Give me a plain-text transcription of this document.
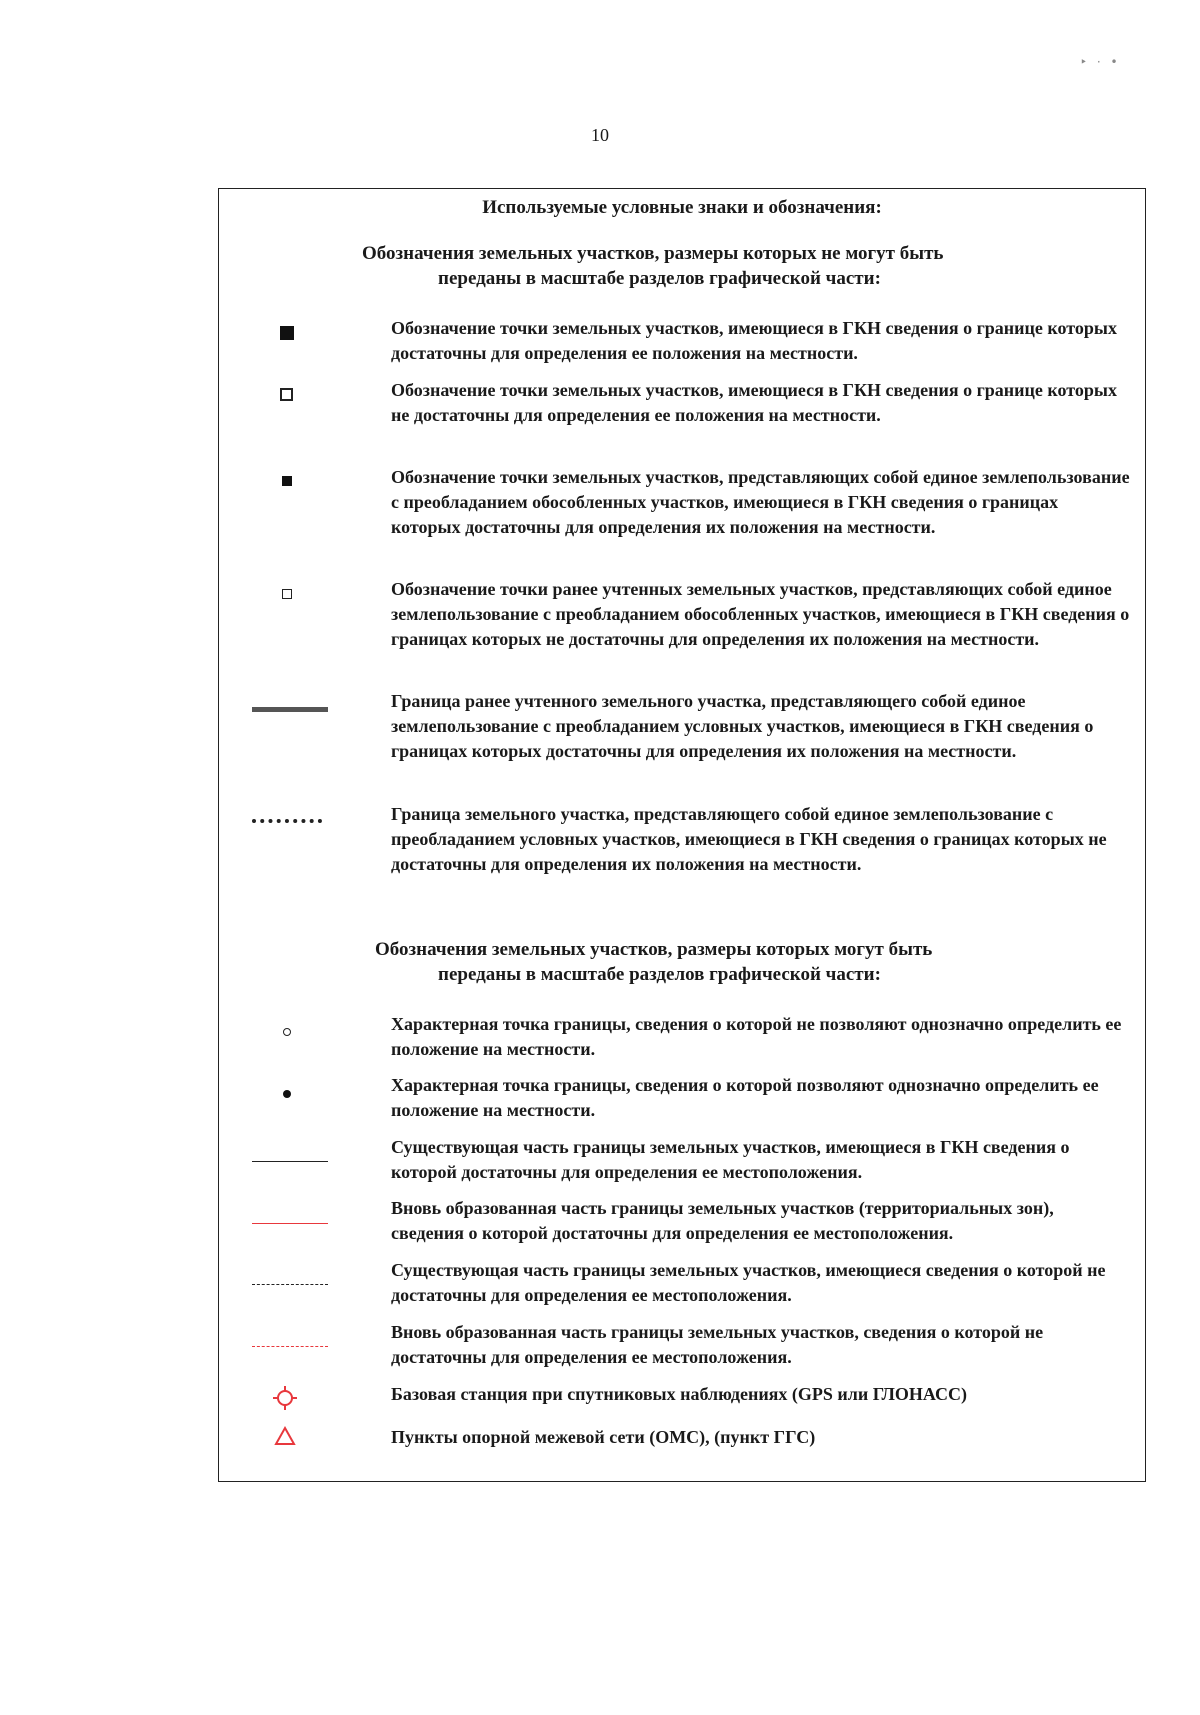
10
‣ · •
Используемые условные знаки и обозначения:
Обозначения земельных участков, размеры которых не могут быть
переданы в масштабе разделов графической части:
Обозначение точки земельных участков, имеющиеся в ГКН сведения о границе которых достаточны для определения ее положения на местности.
Обозначение точки земельных участков, имеющиеся в ГКН сведения о границе которых не достаточны для определения ее положения на местности.
Обозначение точки земельных участков, представляющих собой единое землепользование с преобладанием обособленных участков, имеющиеся в ГКН сведения о границах которых достаточны для определения их положения на местности.
Обозначение точки ранее учтенных земельных участков, представляющих собой единое землепользование с преобладанием обособленных участков, имеющиеся в ГКН сведения о границах которых не достаточны для определения их положения на местности.
Граница ранее учтенного земельного участка, представляющего собой единое землепользование с преобладанием условных участков, имеющиеся в ГКН сведения о границах которых достаточны для определения их положения на местности.
Граница земельного участка, представляющего собой единое землепользование с преобладанием условных участков, имеющиеся в ГКН сведения о границах которых не достаточны для определения их положения на местности.
Обозначения земельных участков, размеры которых могут быть
переданы в масштабе разделов графической части:
Характерная точка границы, сведения о которой не позволяют однозначно определить ее положение на местности.
Характерная точка границы, сведения о которой позволяют однозначно определить ее положение на местности.
Существующая часть границы земельных участков, имеющиеся в ГКН сведения о которой достаточны для определения ее местоположения.
Вновь образованная часть границы земельных участков (территориальных зон), сведения о которой достаточны для определения ее местоположения.
Существующая часть границы земельных участков, имеющиеся сведения о которой не достаточны для определения ее местоположения.
Вновь образованная часть границы земельных участков, сведения о которой не достаточны для определения ее местоположения.
Базовая станция при спутниковых наблюдениях (GPS или ГЛОНАСС)
Пункты опорной межевой сети (ОМС), (пункт ГГС)
